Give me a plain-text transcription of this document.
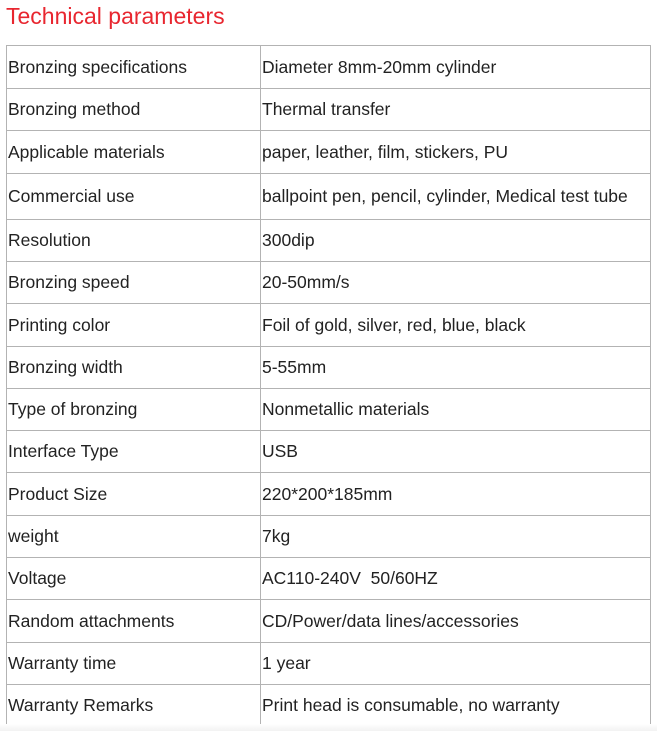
Technical parameters
Bronzing specifications	Diameter 8mm-20mm cylinder
Bronzing method	Thermal transfer
Applicable materials	paper, leather, film, stickers, PU
Commercial use	ballpoint pen, pencil, cylinder, Medical test tube
Resolution	300dip
Bronzing speed	20-50mm/s
Printing color	Foil of gold, silver, red, blue, black
Bronzing width	5-55mm
Type of bronzing	Nonmetallic materials
Interface Type	USB
Product Size	220*200*185mm
weight	7kg
Voltage	AC110-240V  50/60HZ
Random attachments	CD/Power/data lines/accessories
Warranty time	1 year
Warranty Remarks	Print head is consumable, no warranty
